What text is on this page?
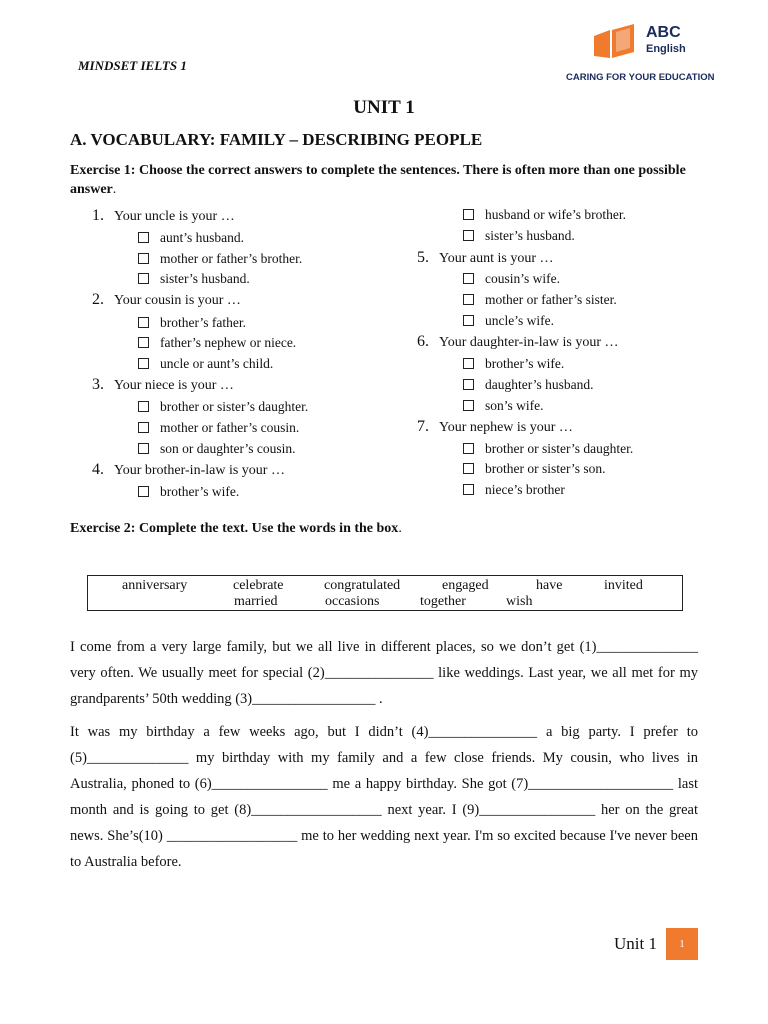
MINDSET IELTS 1
ABC
English
CARING FOR YOUR EDUCATION
UNIT 1
A. VOCABULARY: FAMILY – DESCRIBING PEOPLE
Exercise 1: Choose the correct answers to complete the sentences. There is often more than one possible answer.
1. Your uncle is your …
aunt’s husband.
mother or father’s brother.
sister’s husband.
2. Your cousin is your …
brother’s father.
father’s nephew or niece.
uncle or aunt’s child.
3. Your niece is your …
brother or sister’s daughter.
mother or father’s cousin.
son or daughter’s cousin.
4. Your brother-in-law is your …
brother’s wife.
husband or wife’s brother.
sister’s husband.
5. Your aunt is your …
cousin’s wife.
mother or father’s sister.
uncle’s wife.
6. Your daughter-in-law is your …
brother’s wife.
daughter’s husband.
son’s wife.
7. Your nephew is your …
brother or sister’s daughter.
brother or sister’s son.
niece’s brother
Exercise 2: Complete the text. Use the words in the box.
anniversary	celebrate	congratulated	engaged	have	invited
married	occasions	together	wish
I come from a very large family, but we all live in different places, so we don’t get (1)______________ very often. We usually meet for special (2)_______________ like weddings. Last year, we all met for my grandparents’ 50th wedding (3)_________________ .
It was my birthday a few weeks ago, but I didn’t (4)_______________ a big party. I prefer to (5)______________ my birthday with my family and a few close friends. My cousin, who lives in Australia, phoned to (6)________________ me a happy birthday. She got (7)____________________ last month and is going to get (8)__________________ next year. I (9)________________ her on the great news. She’s(10) __________________ me to her wedding next year. I'm so excited because I've never been to Australia before.
Unit 1	1
